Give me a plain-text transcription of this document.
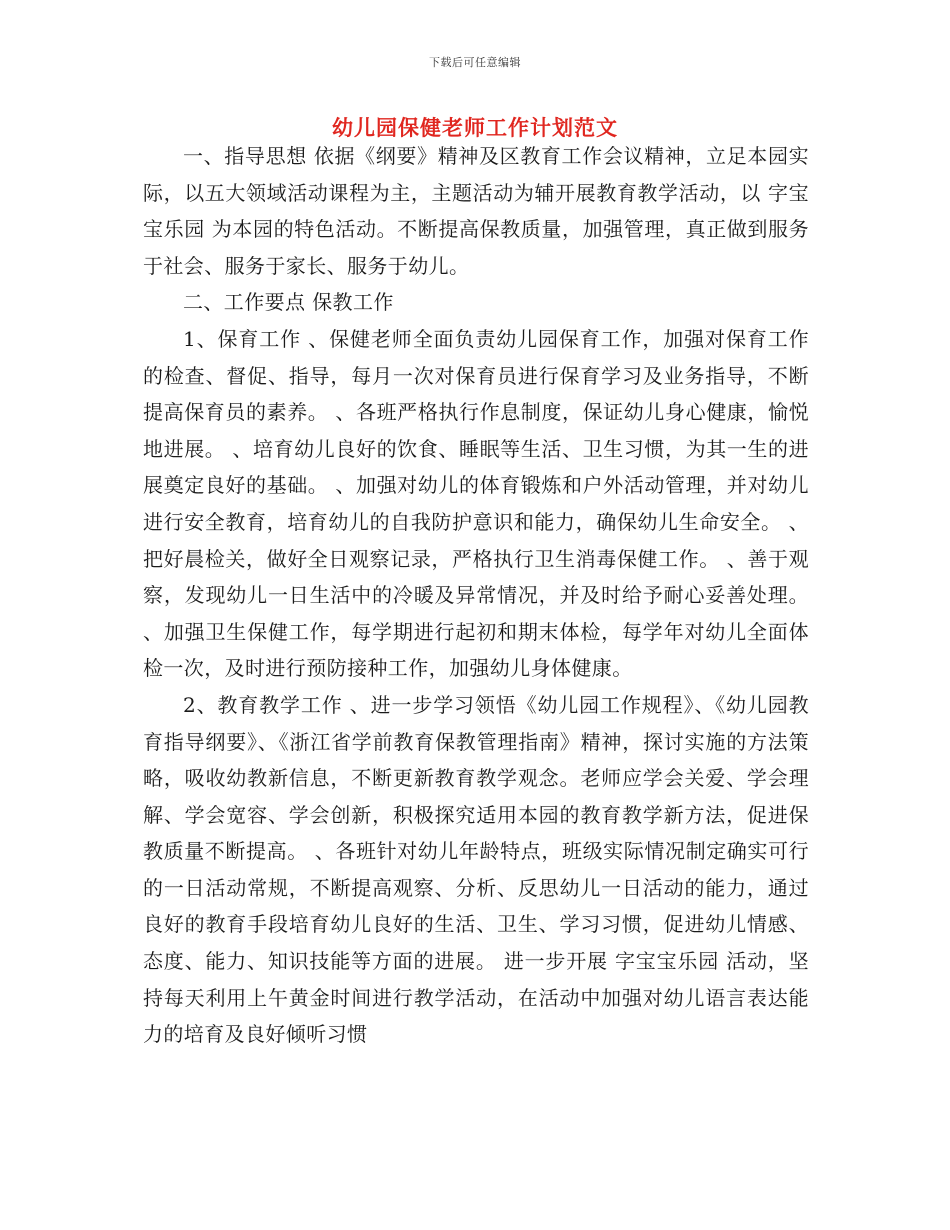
下载后可任意编辑
幼儿园保健老师工作计划范文

一、指导思想 依据《纲要》精神及区教育工作会议精神，立足本园实际，以五大领域活动课程为主，主题活动为辅开展教育教学活动，以 字宝宝乐园 为本园的特色活动。不断提高保教质量，加强管理，真正做到服务于社会、服务于家长、服务于幼儿。

二、工作要点 保教工作

1、保育工作 、保健老师全面负责幼儿园保育工作，加强对保育工作的检查、督促、指导，每月一次对保育员进行保育学习及业务指导，不断提高保育员的素养。 、各班严格执行作息制度，保证幼儿身心健康，愉悦地进展。 、培育幼儿良好的饮食、睡眠等生活、卫生习惯，为其一生的进展奠定良好的基础。 、加强对幼儿的体育锻炼和户外活动管理，并对幼儿进行安全教育，培育幼儿的自我防护意识和能力，确保幼儿生命安全。 、把好晨检关，做好全日观察记录，严格执行卫生消毒保健工作。 、善于观察，发现幼儿一日生活中的冷暖及异常情况，并及时给予耐心妥善处理。 、加强卫生保健工作，每学期进行起初和期末体检，每学年对幼儿全面体检一次，及时进行预防接种工作，加强幼儿身体健康。

2、教育教学工作 、进一步学习领悟《幼儿园工作规程》、《幼儿园教育指导纲要》、《浙江省学前教育保教管理指南》精神，探讨实施的方法策略，吸收幼教新信息，不断更新教育教学观念。老师应学会关爱、学会理解、学会宽容、学会创新，积极探究适用本园的教育教学新方法，促进保教质量不断提高。 、各班针对幼儿年龄特点，班级实际情况制定确实可行的一日活动常规，不断提高观察、分析、反思幼儿一日活动的能力，通过良好的教育手段培育幼儿良好的生活、卫生、学习习惯，促进幼儿情感、态度、能力、知识技能等方面的进展。 进一步开展 字宝宝乐园 活动，坚持每天利用上午黄金时间进行教学活动，在活动中加强对幼儿语言表达能力的培育及良好倾听习惯
